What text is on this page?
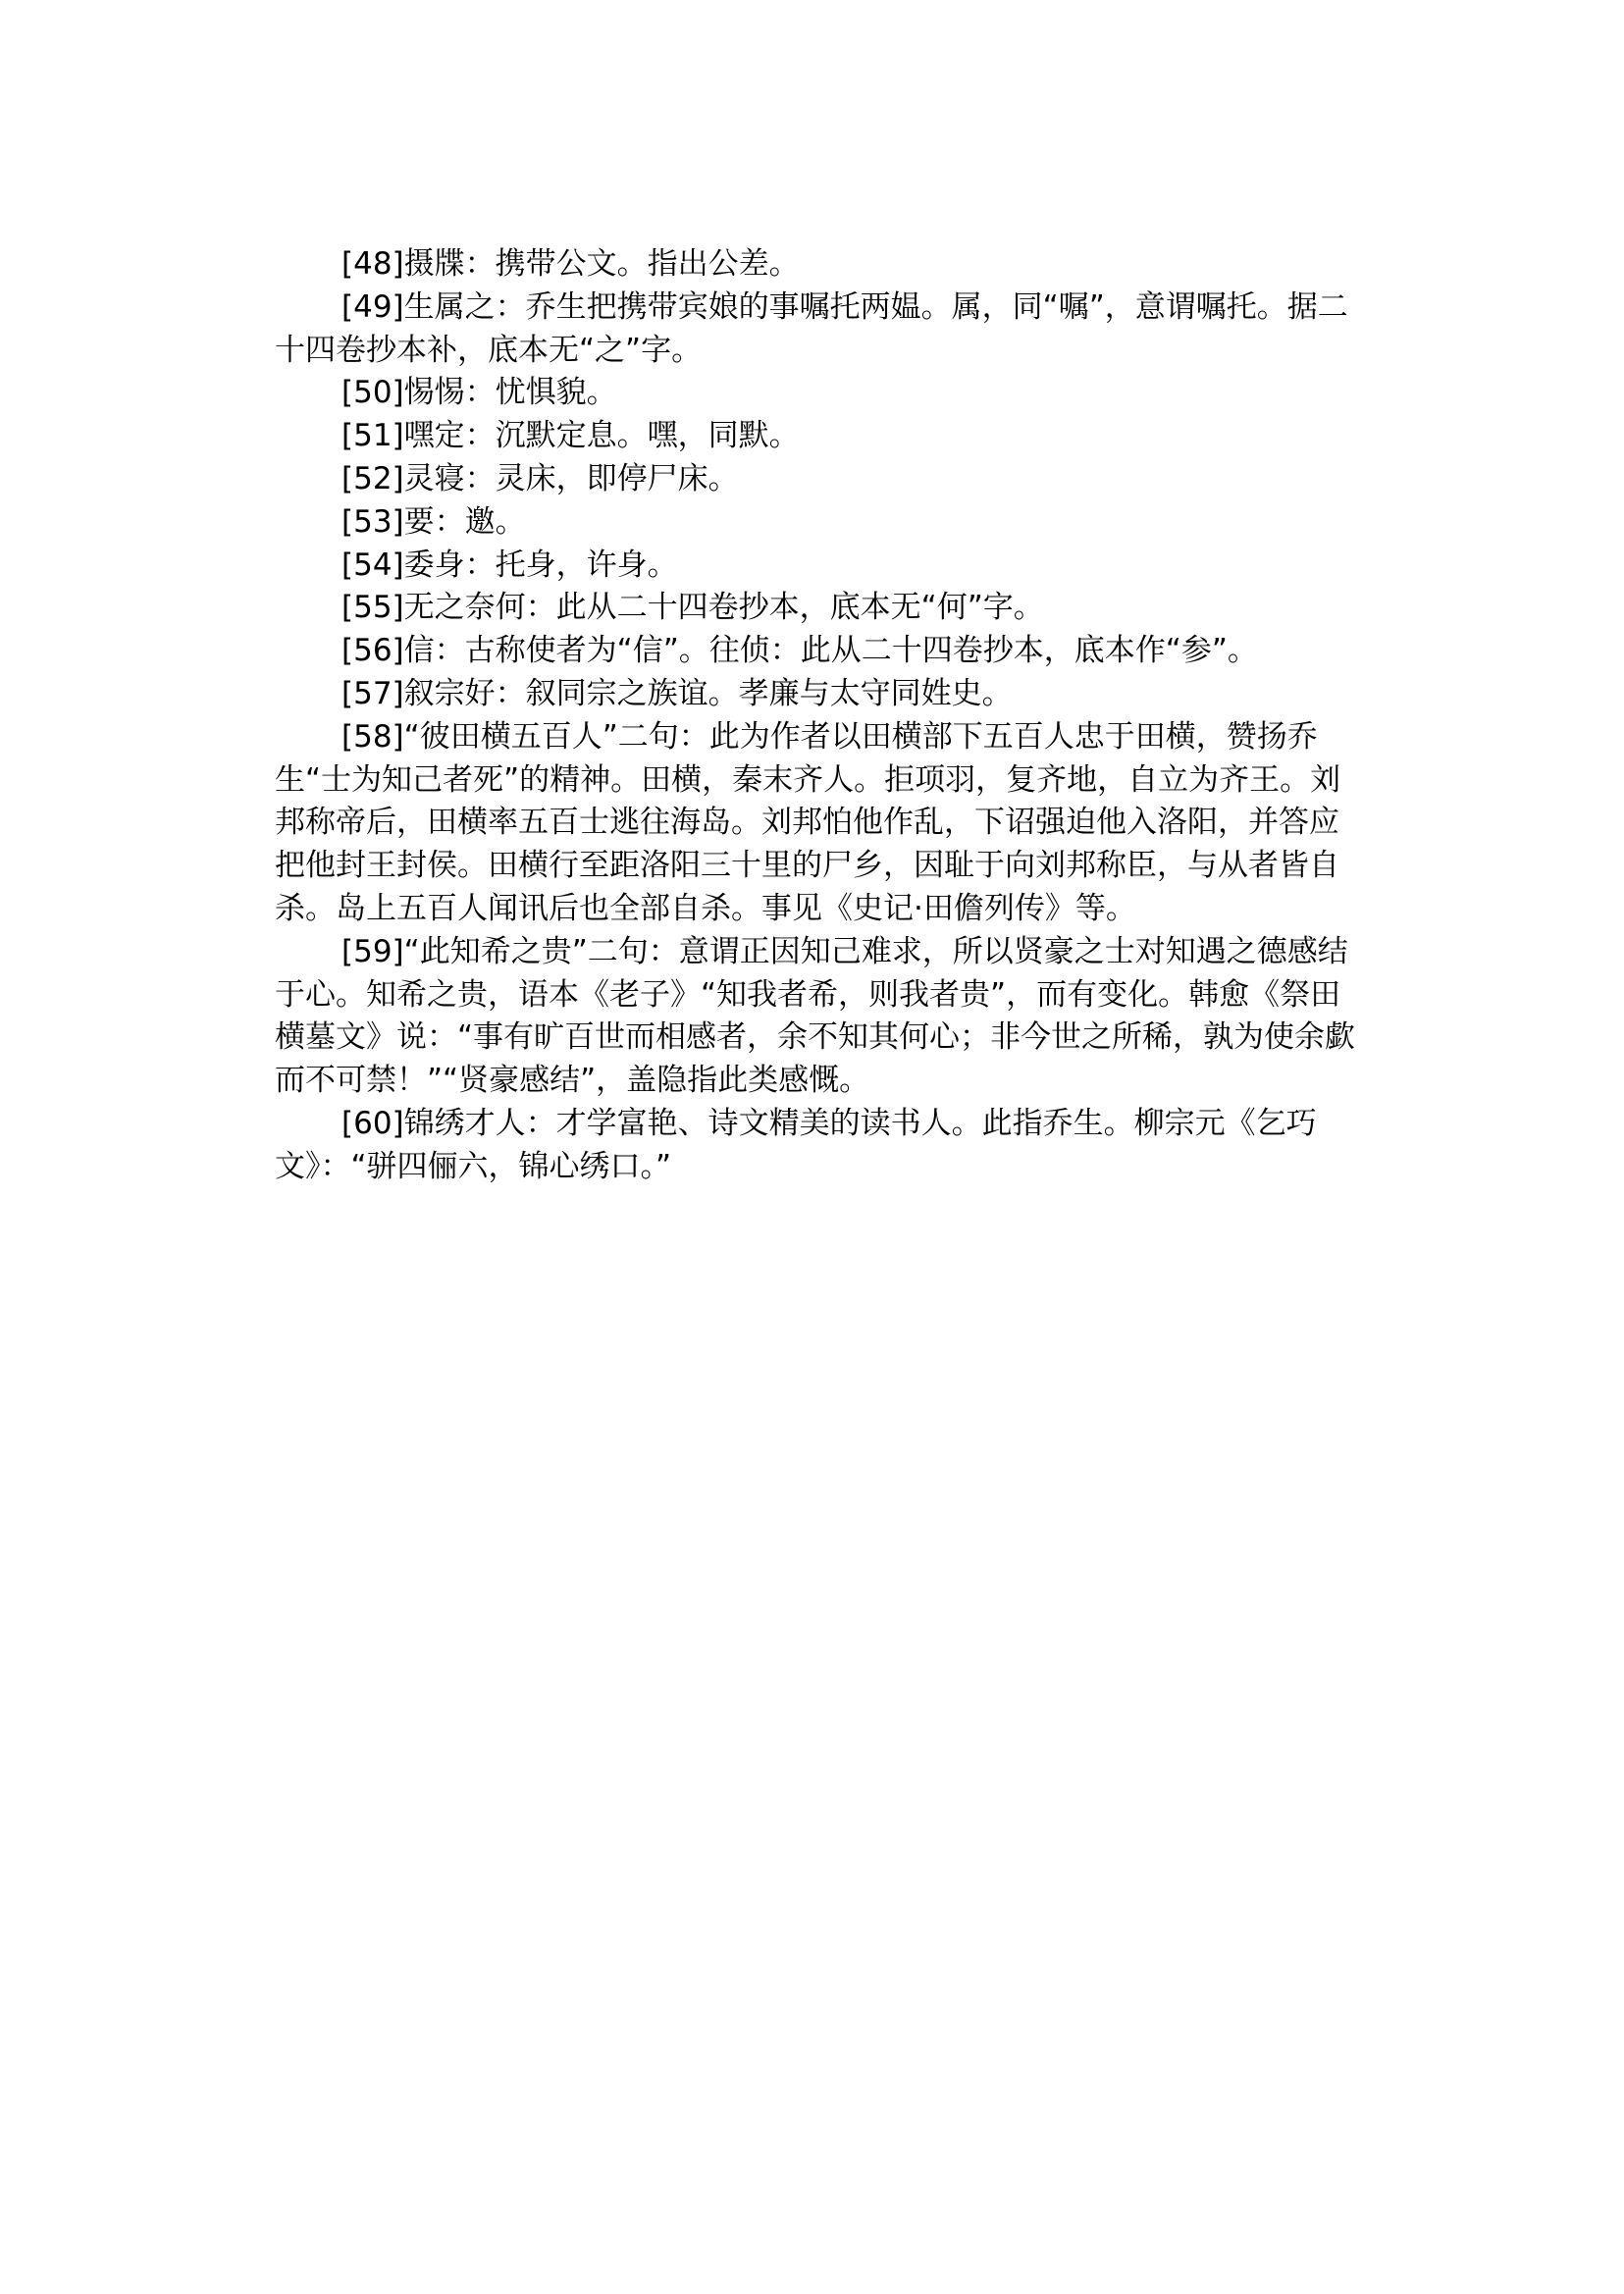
[48]摄牒：携带公文。指出公差。

[49]生属之：乔生把携带宾娘的事嘱托两媪。属，同“嘱”，意谓嘱托。据二十四卷抄本补，底本无“之”字。

[50]惕惕：忧惧貌。

[51]嘿定：沉默定息。嘿，同默。

[52]灵寝：灵床，即停尸床。

[53]要：邀。

[54]委身：托身，许身。

[55]无之奈何：此从二十四卷抄本，底本无“何”字。

[56]信：古称使者为“信”。往侦：此从二十四卷抄本，底本作“参”。

[57]叙宗好：叙同宗之族谊。孝廉与太守同姓史。

[58]“彼田横五百人”二句：此为作者以田横部下五百人忠于田横，赞扬乔生“士为知己者死”的精神。田横，秦末齐人。拒项羽，复齐地，自立为齐王。刘邦称帝后，田横率五百士逃往海岛。刘邦怕他作乱，下诏强迫他入洛阳，并答应把他封王封侯。田横行至距洛阳三十里的尸乡，因耻于向刘邦称臣，与从者皆自杀。岛上五百人闻讯后也全部自杀。事见《史记·田儋列传》等。

[59]“此知希之贵”二句：意谓正因知己难求，所以贤豪之士对知遇之德感结于心。知希之贵，语本《老子》“知我者希，则我者贵”，而有变化。韩愈《祭田横墓文》说：“事有旷百世而相感者，余不知其何心；非今世之所稀，孰为使余歔而不可禁！”“贤豪感结”，盖隐指此类感慨。

[60]锦绣才人：才学富艳、诗文精美的读书人。此指乔生。柳宗元《乞巧文》：“骈四俪六，锦心绣口。”
